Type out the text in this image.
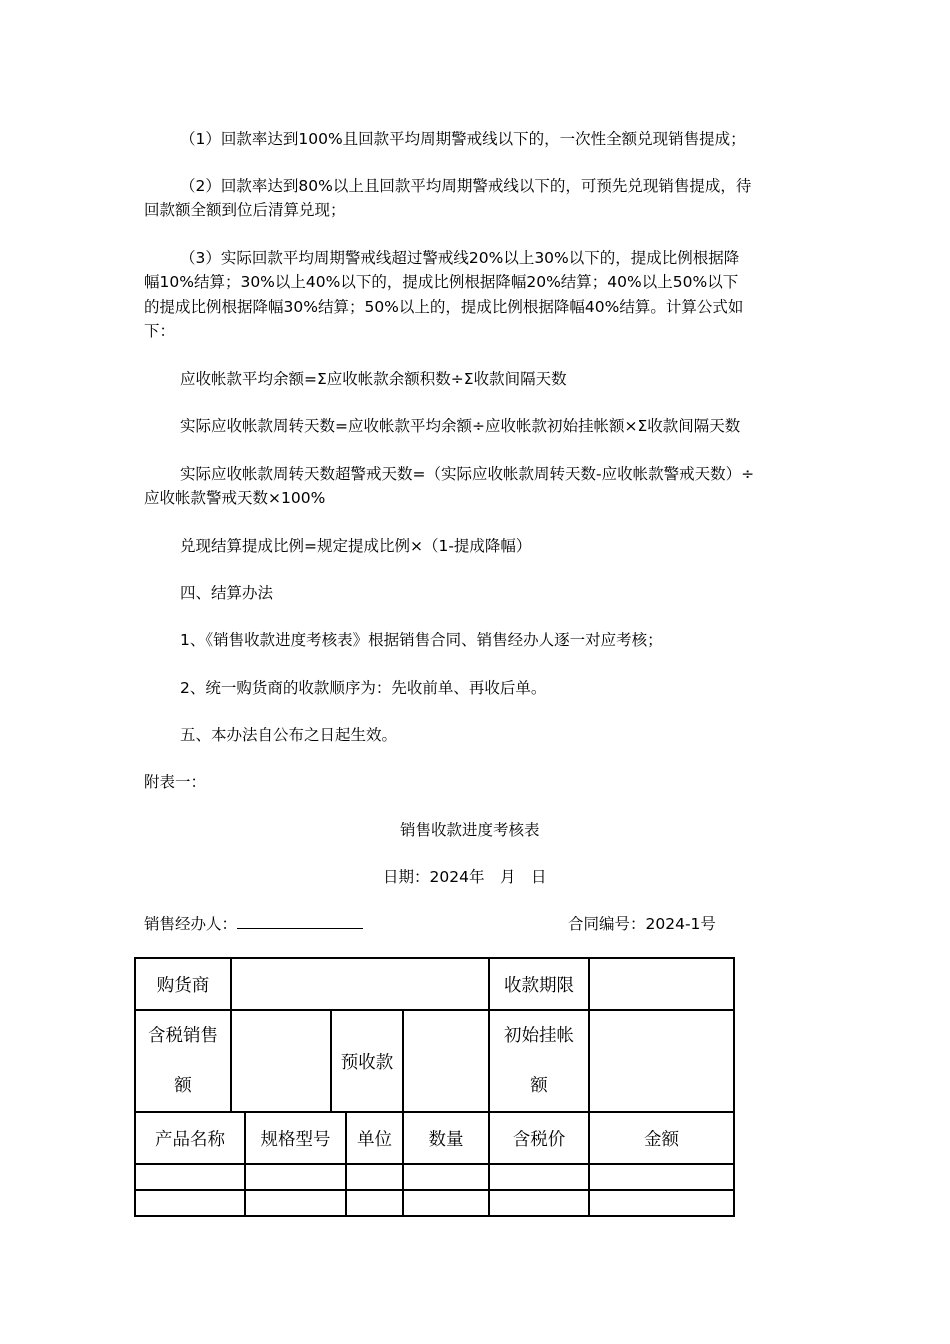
（1）回款率达到100%且回款平均周期警戒线以下的，一次性全额兑现销售提成；
（2）回款率达到80%以上且回款平均周期警戒线以下的，可预先兑现销售提成，待
回款额全额到位后清算兑现；
（3）实际回款平均周期警戒线超过警戒线20%以上30%以下的，提成比例根据降
幅10%结算；30%以上40%以下的，提成比例根据降幅20%结算；40%以上50%以下
的提成比例根据降幅30%结算；50%以上的，提成比例根据降幅40%结算。计算公式如
下：
应收帐款平均余额=Σ应收帐款余额积数÷Σ收款间隔天数
实际应收帐款周转天数=应收帐款平均余额÷应收帐款初始挂帐额×Σ收款间隔天数
实际应收帐款周转天数超警戒天数=（实际应收帐款周转天数-应收帐款警戒天数）÷
应收帐款警戒天数×100%
兑现结算提成比例=规定提成比例×（1-提成降幅）
四、结算办法
1、《销售收款进度考核表》根据销售合同、销售经办人逐一对应考核；
2、统一购货商的收款顺序为：先收前单、再收后单。
五、本办法自公布之日起生效。
附表一：
销售收款进度考核表
日期：2024年　月　日
销售经办人：	合同编号：2024-1号
购货商						收款期限	
含税销售
额			预收款			初始挂帐
额	
产品名称		规格型号		单位	数量	含税价	金额
